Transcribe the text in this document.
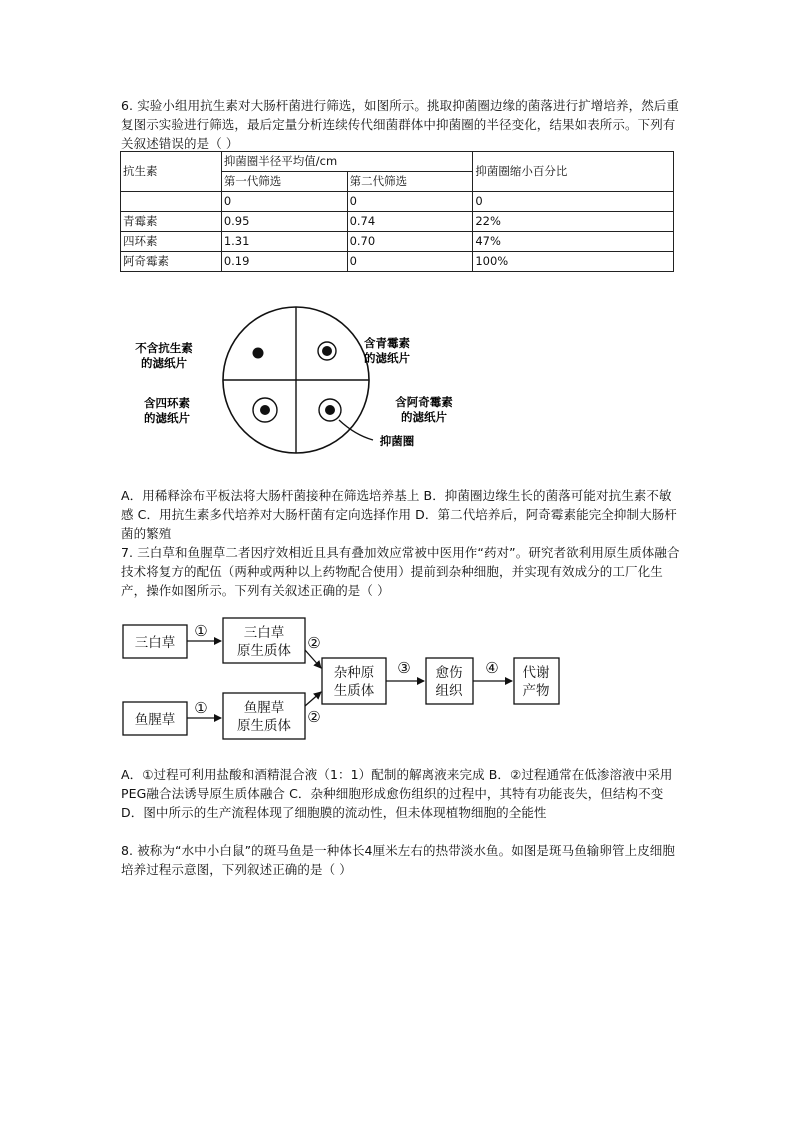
6. 实验小组用抗生素对大肠杆菌进行筛选，如图所示。挑取抑菌圈边缘的菌落进行扩增培养，然后重复图示实验进行筛选，最后定量分析连续传代细菌群体中抑菌圈的半径变化，结果如表所示。下列有关叙述错误的是（ ）
抗生素	抑菌圈半径平均值/cm		抑菌圈缩小百分比
	第一代筛选	第二代筛选	
	0	0	0
青霉素	0.95	0.74	22%
四环素	1.31	0.70	47%
阿奇霉素	0.19	0	100%
不含抗生素
的滤纸片
含青霉素
的滤纸片
含四环素
的滤纸片
含阿奇霉素
的滤纸片
抑菌圈
A．用稀释涂布平板法将大肠杆菌接种在筛选培养基上 B．抑菌圈边缘生长的菌落可能对抗生素不敏感 C．用抗生素多代培养对大肠杆菌有定向选择作用 D．第二代培养后，阿奇霉素能完全抑制大肠杆菌的繁殖
7. 三白草和鱼腥草二者因疗效相近且具有叠加效应常被中医用作“药对”。研究者欲利用原生质体融合技术将复方的配伍（两种或两种以上药物配合使用）提前到杂种细胞，并实现有效成分的工厂化生产，操作如图所示。下列有关叙述正确的是（ ）
三白草
三白草
原生质体
鱼腥草
鱼腥草
原生质体
杂种原
生质体
愈伤
组织
代谢
产物
①
①
②
②
③	④
A．①过程可利用盐酸和酒精混合液（1：1）配制的解离液来完成 B．②过程通常在低渗溶液中采用PEG融合法诱导原生质体融合 C．杂种细胞形成愈伤组织的过程中，其特有功能丧失，但结构不变 D．图中所示的生产流程体现了细胞膜的流动性，但未体现植物细胞的全能性
8. 被称为“水中小白鼠”的斑马鱼是一种体长4厘米左右的热带淡水鱼。如图是斑马鱼输卵管上皮细胞培养过程示意图，下列叙述正确的是（ ）
